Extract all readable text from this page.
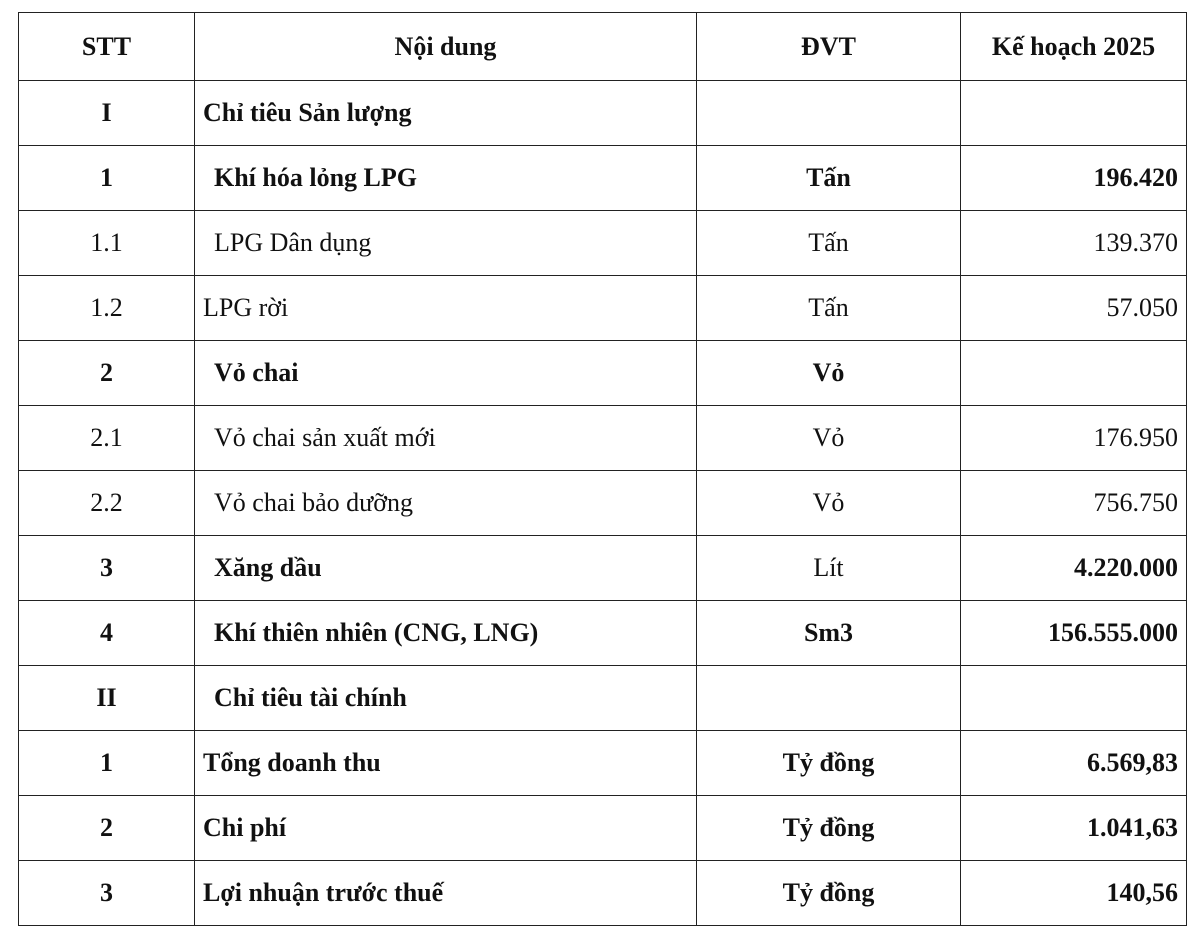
STT	Nội dung	ĐVT	Kế hoạch 2025
I	Chỉ tiêu Sản lượng		
1	Khí hóa lỏng LPG	Tấn	196.420
1.1	LPG Dân dụng	Tấn	139.370
1.2	LPG rời	Tấn	57.050
2	Vỏ chai	Vỏ	
2.1	Vỏ chai sản xuất mới	Vỏ	176.950
2.2	Vỏ chai bảo dưỡng	Vỏ	756.750
3	Xăng dầu	Lít	4.220.000
4	Khí thiên nhiên (CNG, LNG)	Sm3	156.555.000
II	Chỉ tiêu tài chính		
1	Tổng doanh thu	Tỷ đồng	6.569,83
2	Chi phí	Tỷ đồng	1.041,63
3	Lợi nhuận trước thuế	Tỷ đồng	140,56
